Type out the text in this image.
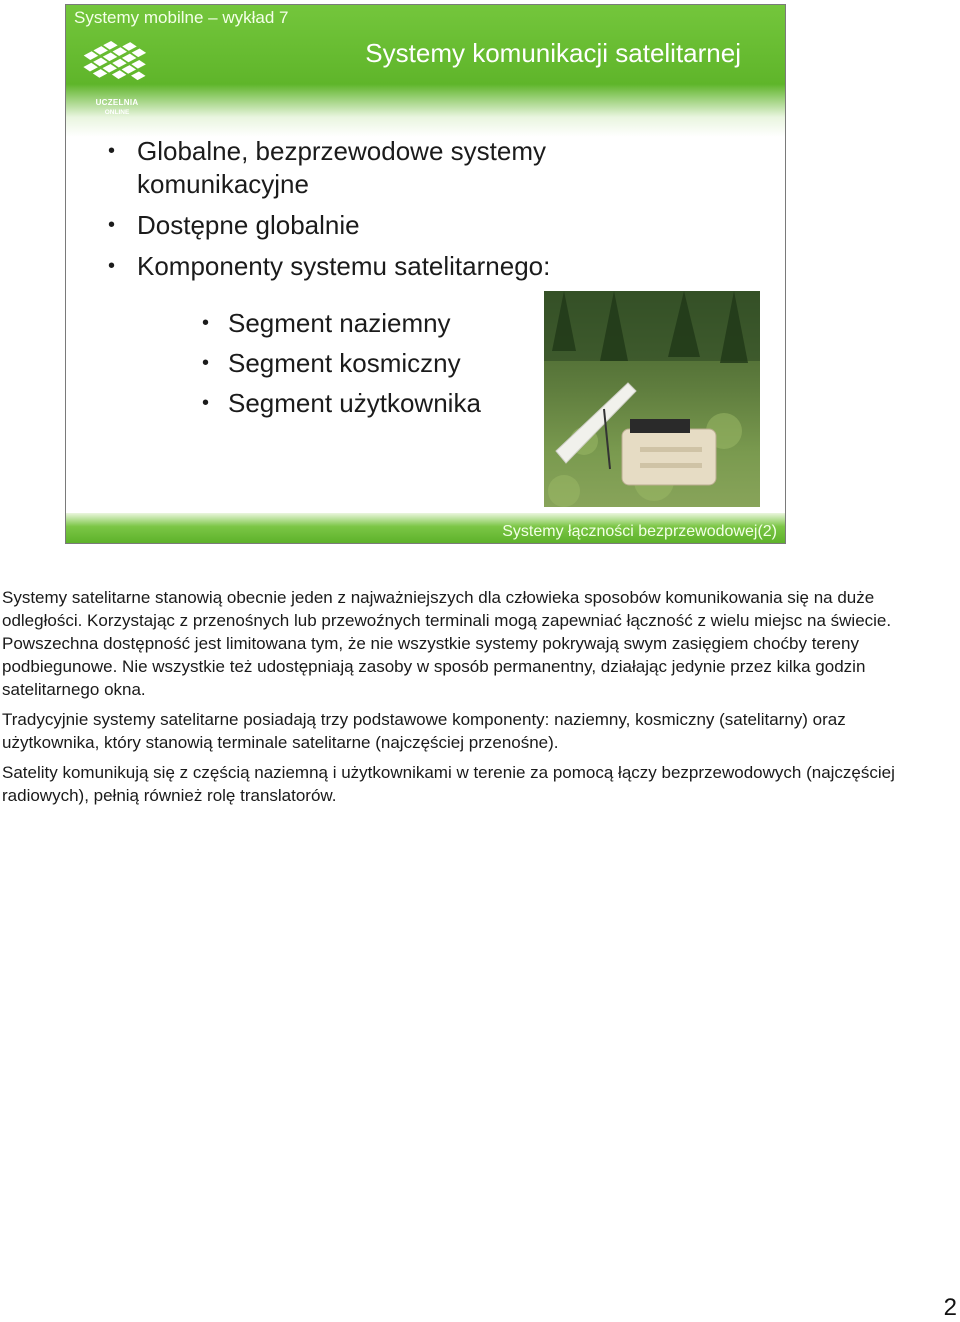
Systemy mobilne – wykład 7
Systemy komunikacji satelitarnej
UCZELNIA
ONLINE
• Globalne, bezprzewodowe systemy komunikacyjne
• Dostępne globalnie
• Komponenty systemu satelitarnego:
• Segment naziemny
• Segment kosmiczny
• Segment użytkownika
Systemy łączności bezprzewodowej(2)

Systemy satelitarne stanowią obecnie jeden z najważniejszych dla człowieka sposobów komunikowania się na duże odległości. Korzystając z przenośnych lub przewoźnych terminali mogą zapewniać łączność z wielu miejsc na świecie. Powszechna dostępność jest limitowana tym, że nie wszystkie systemy pokrywają swym zasięgiem choćby tereny podbiegunowe. Nie wszystkie też udostępniają zasoby w sposób permanentny, działając jedynie przez kilka godzin satelitarnego okna.

Tradycyjnie systemy satelitarne posiadają trzy podstawowe komponenty: naziemny, kosmiczny (satelitarny) oraz użytkownika, który stanowią terminale satelitarne (najczęściej przenośne).

Satelity komunikują się z częścią naziemną i użytkownikami w terenie za pomocą łączy bezprzewodowych (najczęściej radiowych), pełnią również rolę translatorów.

2
